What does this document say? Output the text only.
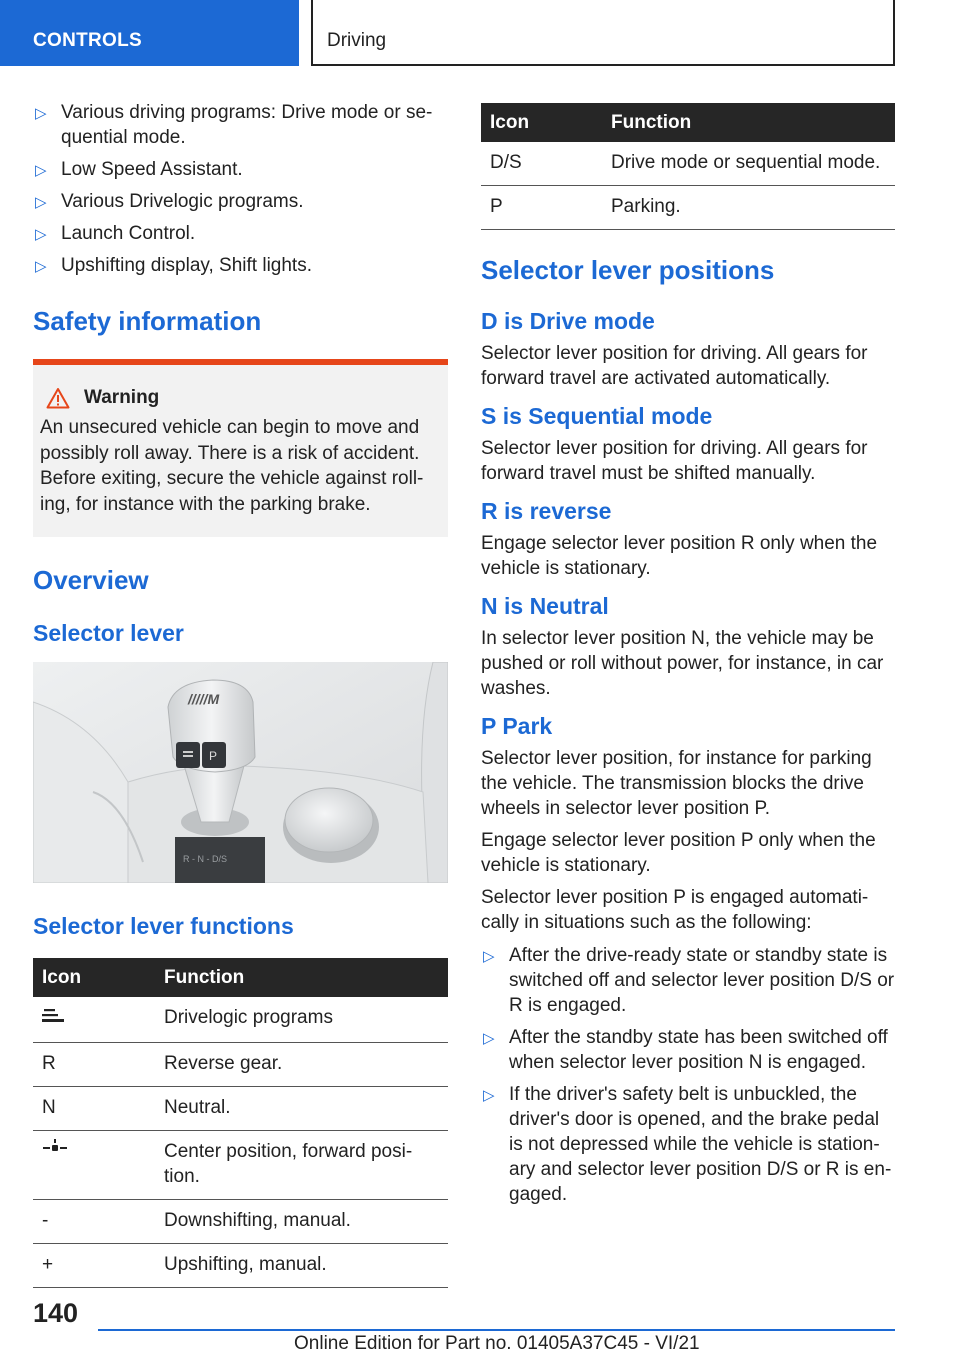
CONTROLS	Driving
▷ Various driving programs: Drive mode or se-quential mode.
▷ Low Speed Assistant.
▷ Various Drivelogic programs.
▷ Launch Control.
▷ Upshifting display, Shift lights.
Safety information
Warning

An unsecured vehicle can begin to move and possibly roll away. There is a risk of accident. Before exiting, secure the vehicle against roll-ing, for instance with the parking brake.

Overview
Selector lever
R - N - D/S
/////M
P
Selector lever functions
Icon	Function
	Drivelogic programs
R	Reverse gear.
N	Neutral.
	Center position, forward posi-tion.
-	Downshifting, manual.
+	Upshifting, manual.
Icon	Function
D/S	Drive mode or sequential mode.
P	Parking.
Selector lever positions
D is Drive mode

Selector lever position for driving. All gears for forward travel are activated automatically.

S is Sequential mode

Selector lever position for driving. All gears for forward travel must be shifted manually.

R is reverse

Engage selector lever position R only when the vehicle is stationary.

N is Neutral

In selector lever position N, the vehicle may be pushed or roll without power, for instance, in car washes.

P Park

Selector lever position, for instance for parking the vehicle. The transmission blocks the drive wheels in selector lever position P.

Engage selector lever position P only when the vehicle is stationary.

Selector lever position P is engaged automati-cally in situations such as the following:

▷ After the drive-ready state or standby state is switched off and selector lever position D/S or R is engaged.
▷ After the standby state has been switched off when selector lever position N is engaged.
▷ If the driver's safety belt is unbuckled, the driver's door is opened, and the brake pedal is not depressed while the vehicle is station-ary and selector lever position D/S or R is en-gaged.
140
Online Edition for Part no. 01405A37C45 - VI/21
